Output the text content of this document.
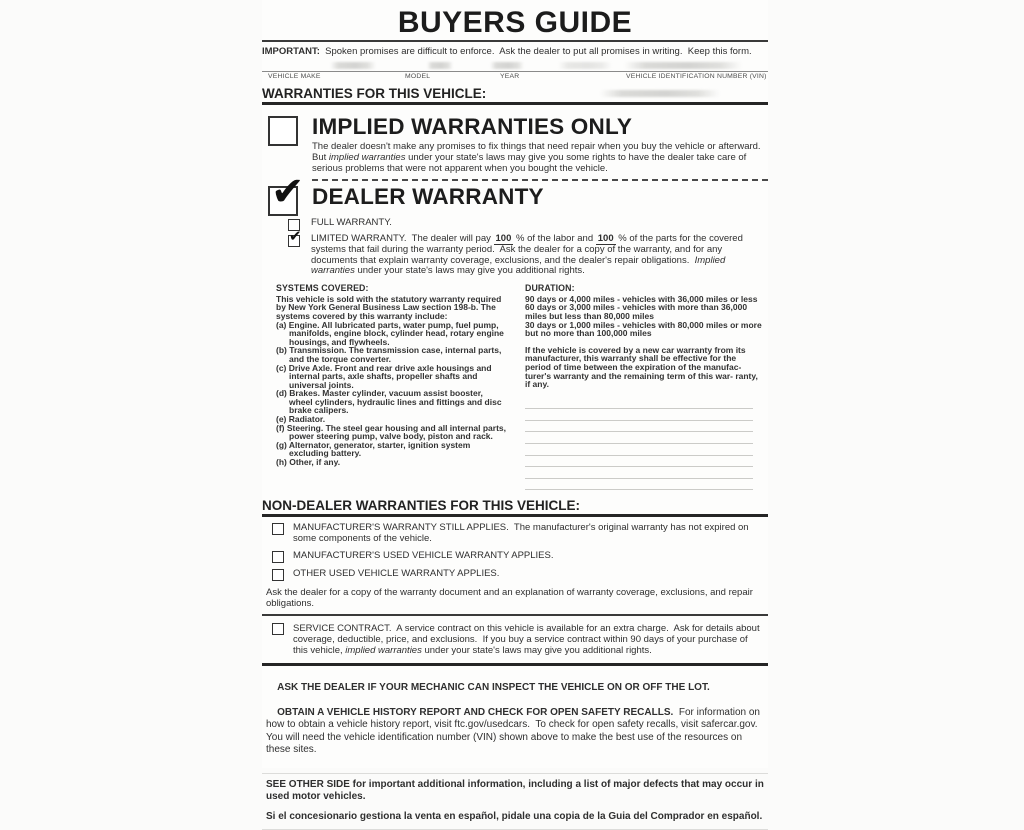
BUYERS GUIDE
IMPORTANT:  Spoken promises are difficult to enforce.  Ask the dealer to put all promises in writing.  Keep this form.
VEHICLE MAKE	MODEL	YEAR	VEHICLE IDENTIFICATION NUMBER (VIN)
WARRANTIES FOR THIS VEHICLE:
IMPLIED WARRANTIES ONLY
The dealer doesn't make any promises to fix things that need repair when you buy the vehicle or afterward. But implied warranties under your state's laws may give you some rights to have the dealer take care of serious problems that were not apparent when you bought the vehicle.
✔ DEALER WARRANTY
FULL WARRANTY.
✔ LIMITED WARRANTY.  The dealer will pay 100 % of the labor and 100 % of the parts for the covered systems that fail during the warranty period.  Ask the dealer for a copy of the warranty, and for any documents that explain warranty coverage, exclusions, and the dealer's repair obligations.  Implied warranties under your state's laws may give you additional rights.
SYSTEMS COVERED:

This vehicle is sold with the statutory warranty required by New York General Business Law section 198-b. The systems covered by this warranty include:

(a) Engine. All lubricated parts, water pump, fuel pump, manifolds, engine block, cylinder head, rotary engine housings, and flywheels.

(b) Transmission. The transmission case, internal parts, and the torque converter.

(c) Drive Axle. Front and rear drive axle housings and internal parts, axle shafts, propeller shafts and universal joints.

(d) Brakes. Master cylinder, vacuum assist booster, wheel cylinders, hydraulic lines and fittings and disc brake calipers.

(e) Radiator.

(f) Steering. The steel gear housing and all internal parts, power steering pump, valve body, piston and rack.

(g) Alternator, generator, starter, ignition system excluding battery.

(h) Other, if any.

DURATION:

90 days or 4,000 miles - vehicles with 36,000 miles or less

60 days or 3,000 miles - vehicles with more than 36,000 miles but less than 80,000 miles

30 days or 1,000 miles - vehicles with 80,000 miles or more but no more than 100,000 miles

If the vehicle is covered by a new car warranty from its manufacturer, this warranty shall be effective for the period of time between the expiration of the manufac- turer's warranty and the remaining term of this war- ranty, if any.

NON-DEALER WARRANTIES FOR THIS VEHICLE:
MANUFACTURER'S WARRANTY STILL APPLIES.  The manufacturer's original warranty has not expired on some components of the vehicle.
MANUFACTURER'S USED VEHICLE WARRANTY APPLIES.
OTHER USED VEHICLE WARRANTY APPLIES.
Ask the dealer for a copy of the warranty document and an explanation of warranty coverage, exclusions, and repair obligations.
SERVICE CONTRACT.  A service contract on this vehicle is available for an extra charge.  Ask for details about coverage, deductible, price, and exclusions.  If you buy a service contract within 90 days of your purchase of this vehicle, implied warranties under your state's laws may give you additional rights.

ASK THE DEALER IF YOUR MECHANIC CAN INSPECT THE VEHICLE ON OR OFF THE LOT.

OBTAIN A VEHICLE HISTORY REPORT AND CHECK FOR OPEN SAFETY RECALLS.  For information on how to obtain a vehicle history report, visit ftc.gov/usedcars.  To check for open safety recalls, visit safercar.gov. You will need the vehicle identification number (VIN) shown above to make the best use of the resources on these sites.

SEE OTHER SIDE for important additional information, including a list of major defects that may occur in used motor vehicles.
Si el concesionario gestiona la venta en español, pidale una copia de la Guia del Comprador en español.
